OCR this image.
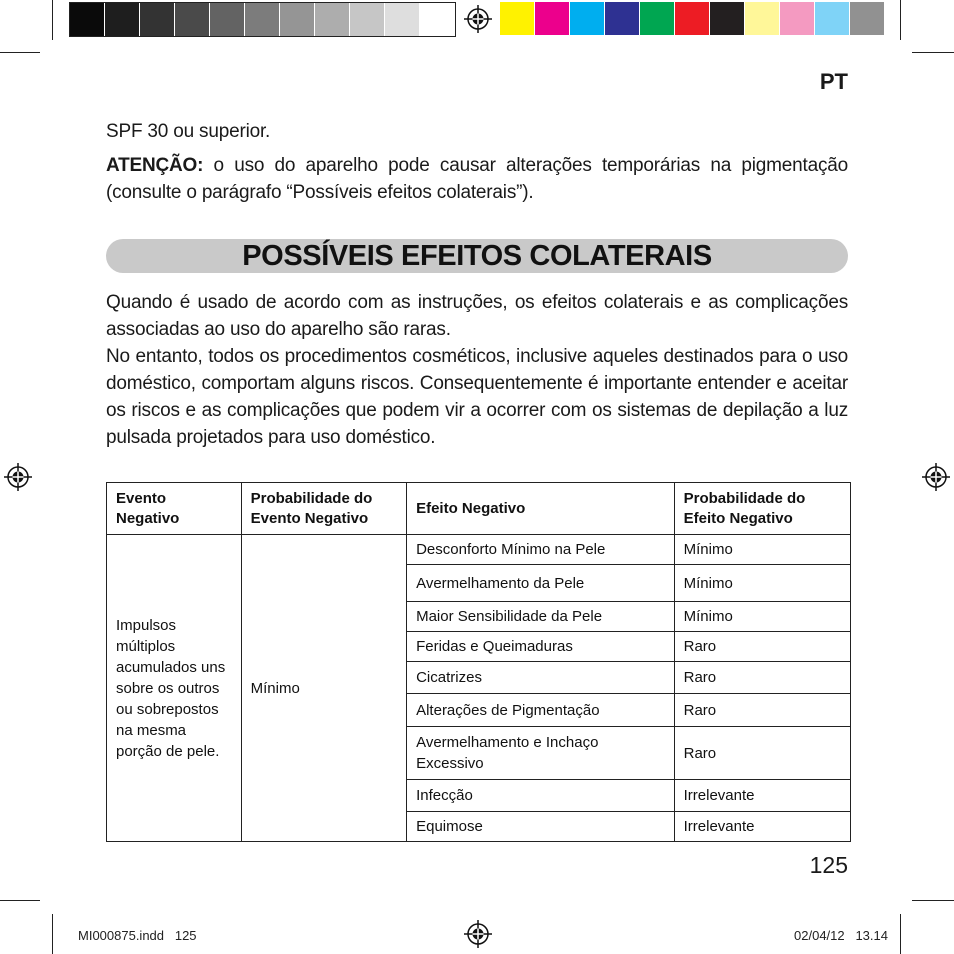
PT
SPF 30 ou superior.
ATENÇÃO: o uso do aparelho pode causar alterações temporárias na pigmentação (consulte o parágrafo “Possíveis efeitos colaterais”).
POSSÍVEIS EFEITOS COLATERAIS
Quando é usado de acordo com as instruções, os efeitos colaterais e as complicações associadas ao uso do aparelho são raras.
No entanto, todos os procedimentos cosméticos, inclusive aqueles destinados para o uso doméstico, comportam alguns riscos. Consequentemente é importante entender e aceitar os riscos e as complicações que podem vir a ocorrer com os sistemas de depilação a luz pulsada projetados para uso doméstico.
Evento Negativo	Probabilidade do Evento Negativo	Efeito Negativo	Probabilidade do Efeito Negativo
Impulsos múltiplos acumulados uns sobre os outros ou sobrepostos na mesma porção de pele.	Mínimo	Desconforto Mínimo na Pele	Mínimo
		Avermelhamento da Pele	Mínimo
		Maior Sensibilidade da Pele	Mínimo
		Feridas e Queimaduras	Raro
		Cicatrizes	Raro
		Alterações de Pigmentação	Raro
		Avermelhamento e Inchaço Excessivo	Raro
		Infecção	Irrelevante
		Equimose	Irrelevante
125
MI000875.indd   125	02/04/12   13.14
